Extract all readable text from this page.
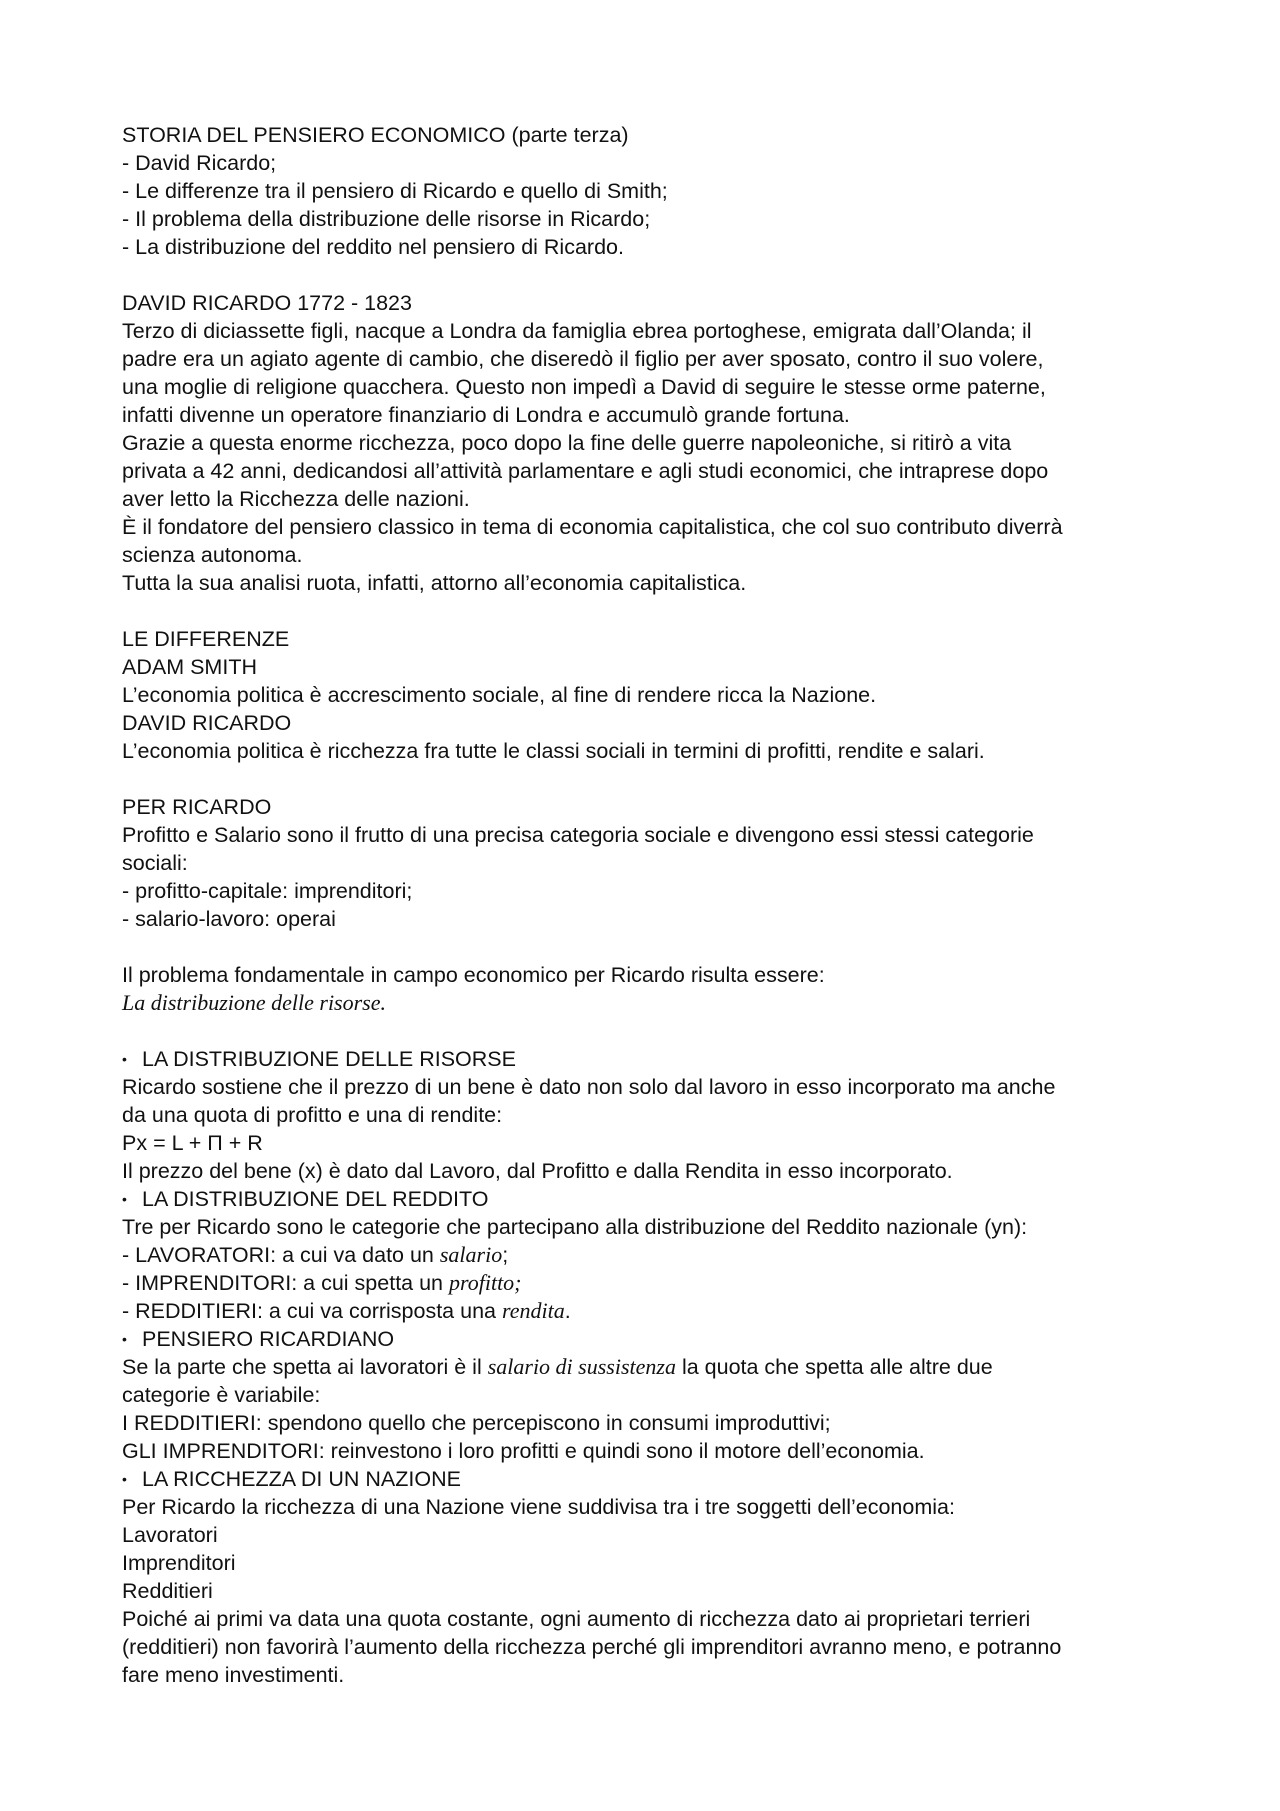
STORIA DEL PENSIERO ECONOMICO (parte terza)
- David Ricardo;
- Le differenze tra il pensiero di Ricardo e quello di Smith;
- Il problema della distribuzione delle risorse in Ricardo;
- La distribuzione del reddito nel pensiero di Ricardo.
DAVID RICARDO 1772 - 1823
Terzo di diciassette figli, nacque a Londra da famiglia ebrea portoghese, emigrata dall’Olanda; il
padre era un agiato agente di cambio, che diseredò il figlio per aver sposato, contro il suo volere,
una moglie di religione quacchera. Questo non impedì a David di seguire le stesse orme paterne,
infatti divenne un operatore finanziario di Londra e accumulò grande fortuna.
Grazie a questa enorme ricchezza, poco dopo la fine delle guerre napoleoniche, si ritirò a vita
privata a 42 anni, dedicandosi all’attività parlamentare e agli studi economici, che intraprese dopo
aver letto la Ricchezza delle nazioni.
È il fondatore del pensiero classico in tema di economia capitalistica, che col suo contributo diverrà
scienza autonoma.
Tutta la sua analisi ruota, infatti, attorno all’economia capitalistica.
LE DIFFERENZE
ADAM SMITH
L’economia politica è accrescimento sociale, al fine di rendere ricca la Nazione.
DAVID RICARDO
L’economia politica è ricchezza fra tutte le classi sociali in termini di profitti, rendite e salari.
PER RICARDO
Profitto e Salario sono il frutto di una precisa categoria sociale e divengono essi stessi categorie
sociali:
- profitto-capitale: imprenditori;
- salario-lavoro: operai
Il problema fondamentale in campo economico per Ricardo risulta essere:
La distribuzione delle risorse.
• LA DISTRIBUZIONE DELLE RISORSE
Ricardo sostiene che il prezzo di un bene è dato non solo dal lavoro in esso incorporato ma anche
da una quota di profitto e una di rendite:
Px = L + Π + R
Il prezzo del bene (x) è dato dal Lavoro, dal Profitto e dalla Rendita in esso incorporato.
• LA DISTRIBUZIONE DEL REDDITO
Tre per Ricardo sono le categorie che partecipano alla distribuzione del Reddito nazionale (yn):
- LAVORATORI: a cui va dato un salario;
- IMPRENDITORI: a cui spetta un profitto;
- REDDITIERI: a cui va corrisposta una rendita.
• PENSIERO RICARDIANO
Se la parte che spetta ai lavoratori è il salario di sussistenza la quota che spetta alle altre due
categorie è variabile:
I REDDITIERI: spendono quello che percepiscono in consumi improduttivi;
GLI IMPRENDITORI: reinvestono i loro profitti e quindi sono il motore dell’economia.
• LA RICCHEZZA DI UN NAZIONE
Per Ricardo la ricchezza di una Nazione viene suddivisa tra i tre soggetti dell’economia:
Lavoratori
Imprenditori
Redditieri
Poiché ai primi va data una quota costante, ogni aumento di ricchezza dato ai proprietari terrieri
(redditieri) non favorirà l’aumento della ricchezza perché gli imprenditori avranno meno, e potranno
fare meno investimenti.
